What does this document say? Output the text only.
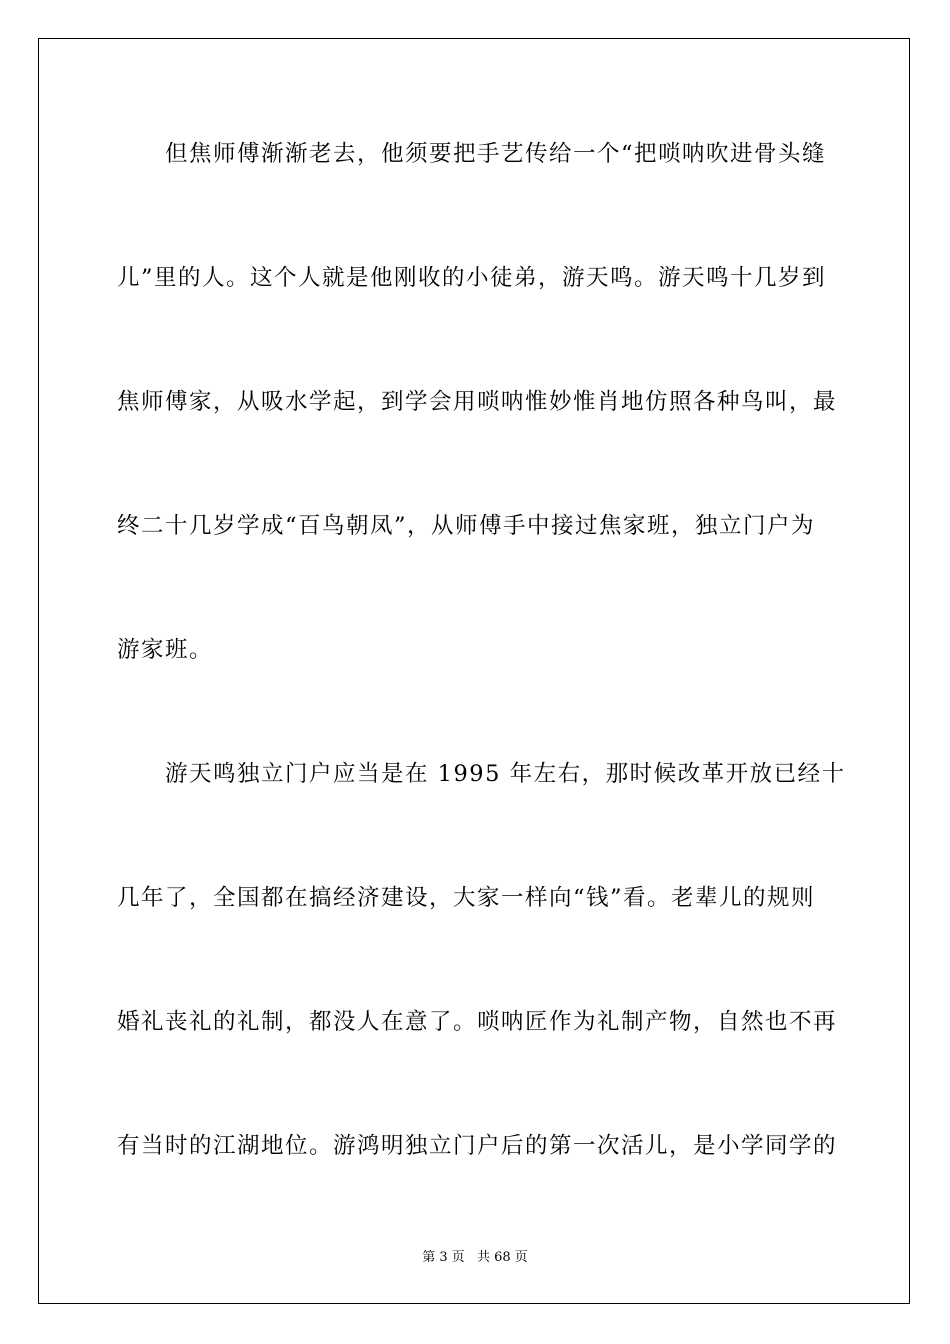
但焦师傅渐渐老去，他须要把手艺传给一个“把唢呐吹进骨头缝
儿”里的人。这个人就是他刚收的小徒弟，游天鸣。游天鸣十几岁到
焦师傅家，从吸水学起，到学会用唢呐惟妙惟肖地仿照各种鸟叫，最
终二十几岁学成“百鸟朝凤”，从师傅手中接过焦家班，独立门户为
游家班。
游天鸣独立门户应当是在 1995 年左右，那时候改革开放已经十
几年了，全国都在搞经济建设，大家一样向“钱”看。老辈儿的规则
婚礼丧礼的礼制，都没人在意了。唢呐匠作为礼制产物，自然也不再
有当时的江湖地位。游鸿明独立门户后的第一次活儿，是小学同学的
第 3 页 共 68 页
